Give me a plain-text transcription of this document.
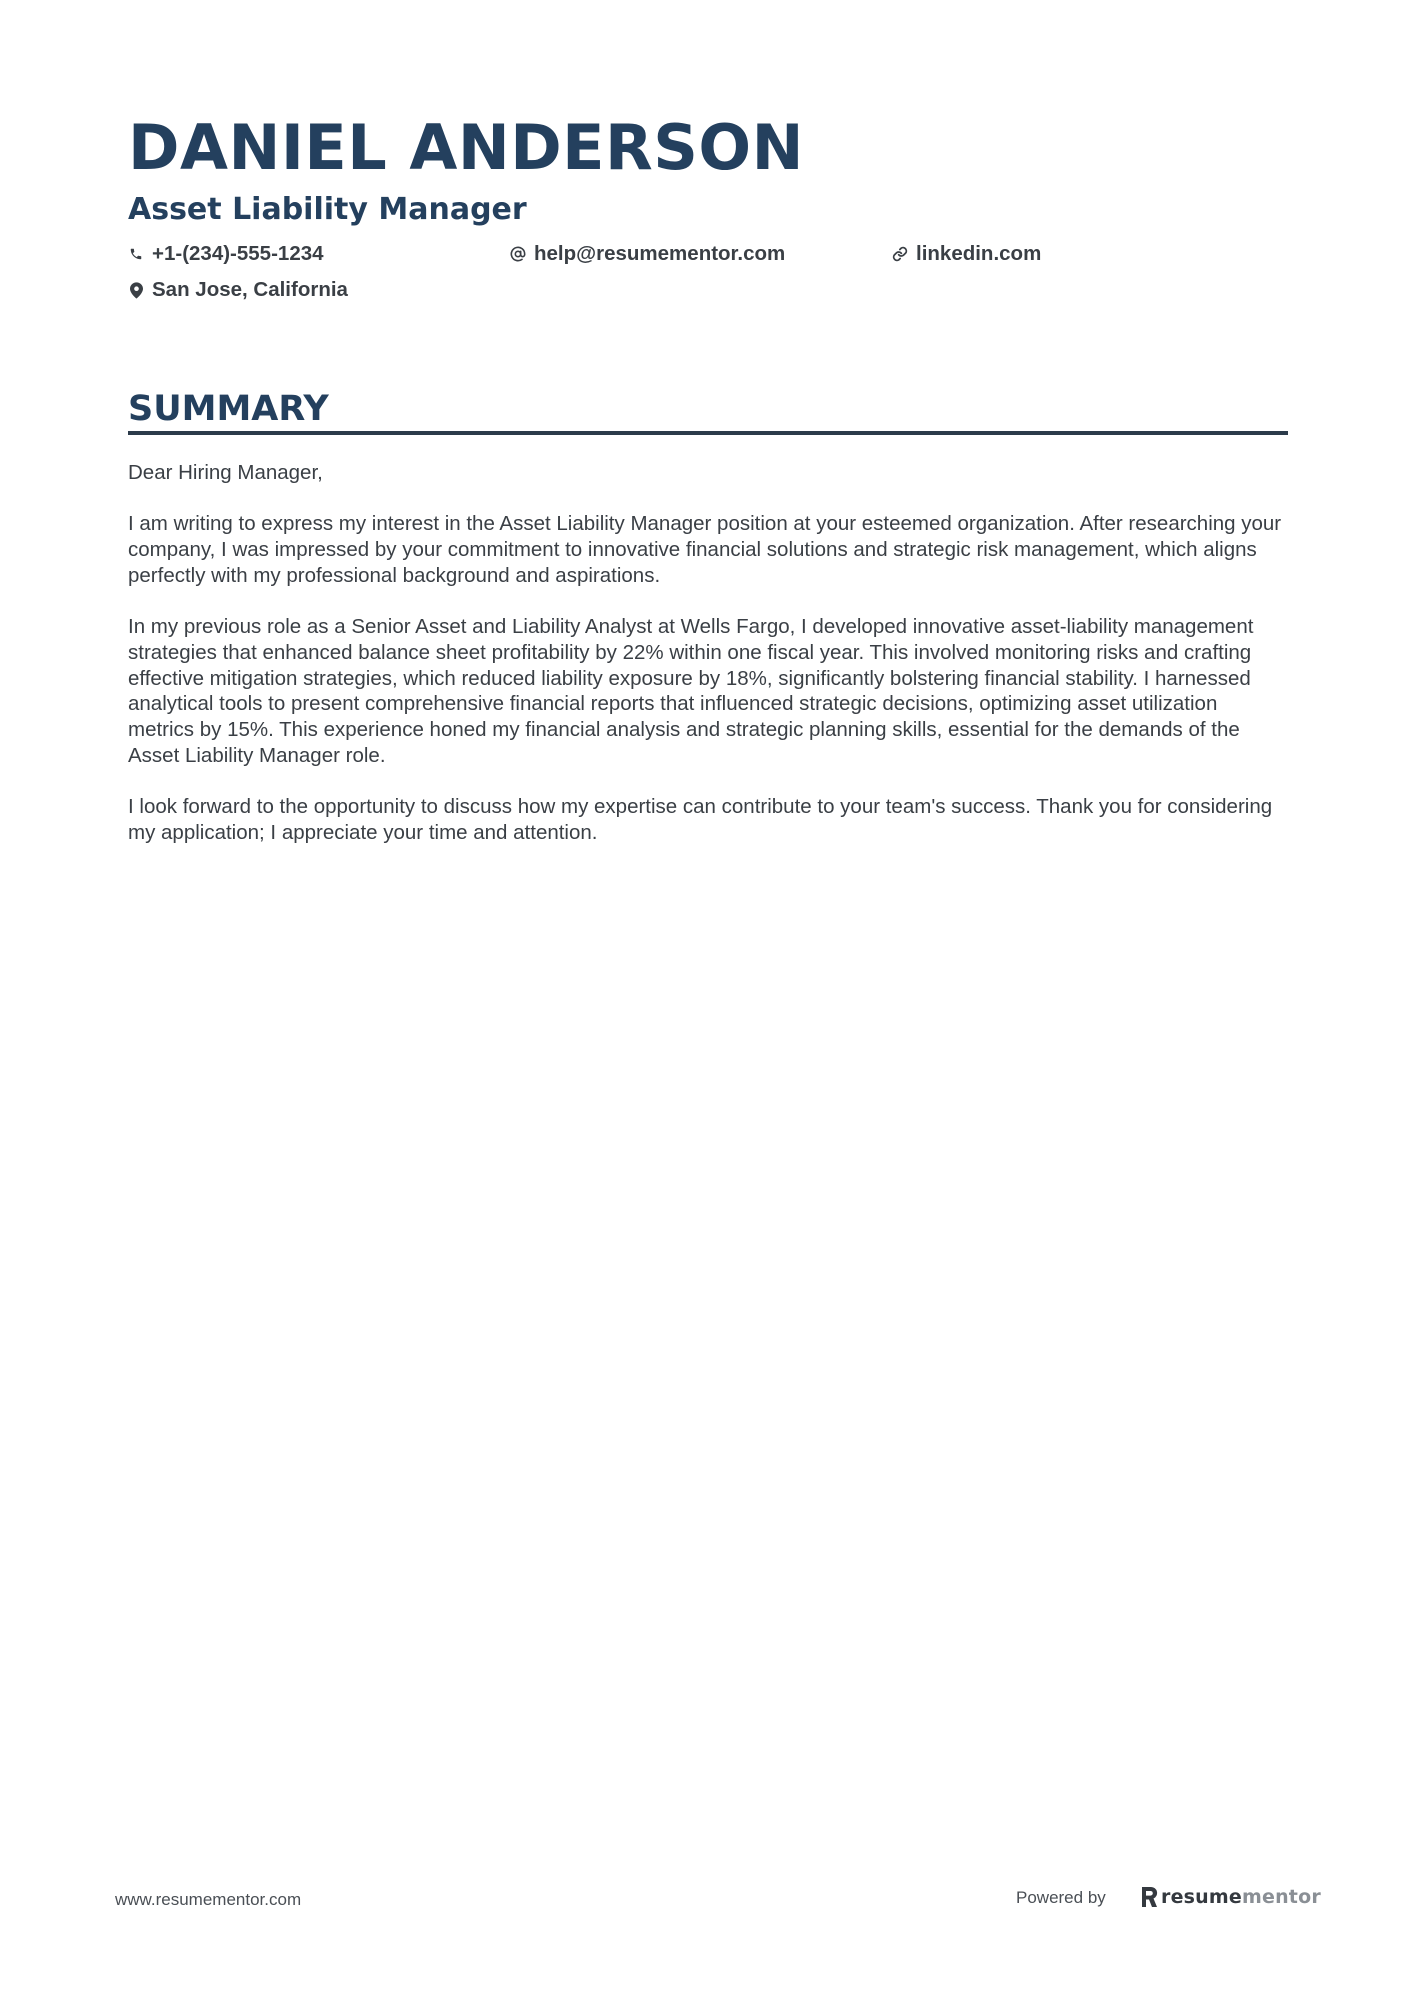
DANIEL ANDERSON
Asset Liability Manager
+1-(234)-555-1234	help@resumementor.com	linkedin.com
San Jose, California
SUMMARY

Dear Hiring Manager,

I am writing to express my interest in the Asset Liability Manager position at your esteemed organization. After researching your company, I was impressed by your commitment to innovative financial solutions and strategic risk management, which aligns perfectly with my professional background and aspirations.

In my previous role as a Senior Asset and Liability Analyst at Wells Fargo, I developed innovative asset-liability management strategies that enhanced balance sheet profitability by 22% within one fiscal year. This involved monitoring risks and crafting effective mitigation strategies, which reduced liability exposure by 18%, significantly bolstering financial stability. I harnessed analytical tools to present comprehensive financial reports that influenced strategic decisions, optimizing asset utilization metrics by 15%. This experience honed my financial analysis and strategic planning skills, essential for the demands of the Asset Liability Manager role.

I look forward to the opportunity to discuss how my expertise can contribute to your team's success. Thank you for considering my application; I appreciate your time and attention.

www.resumementor.com	Powered by	resumementor
